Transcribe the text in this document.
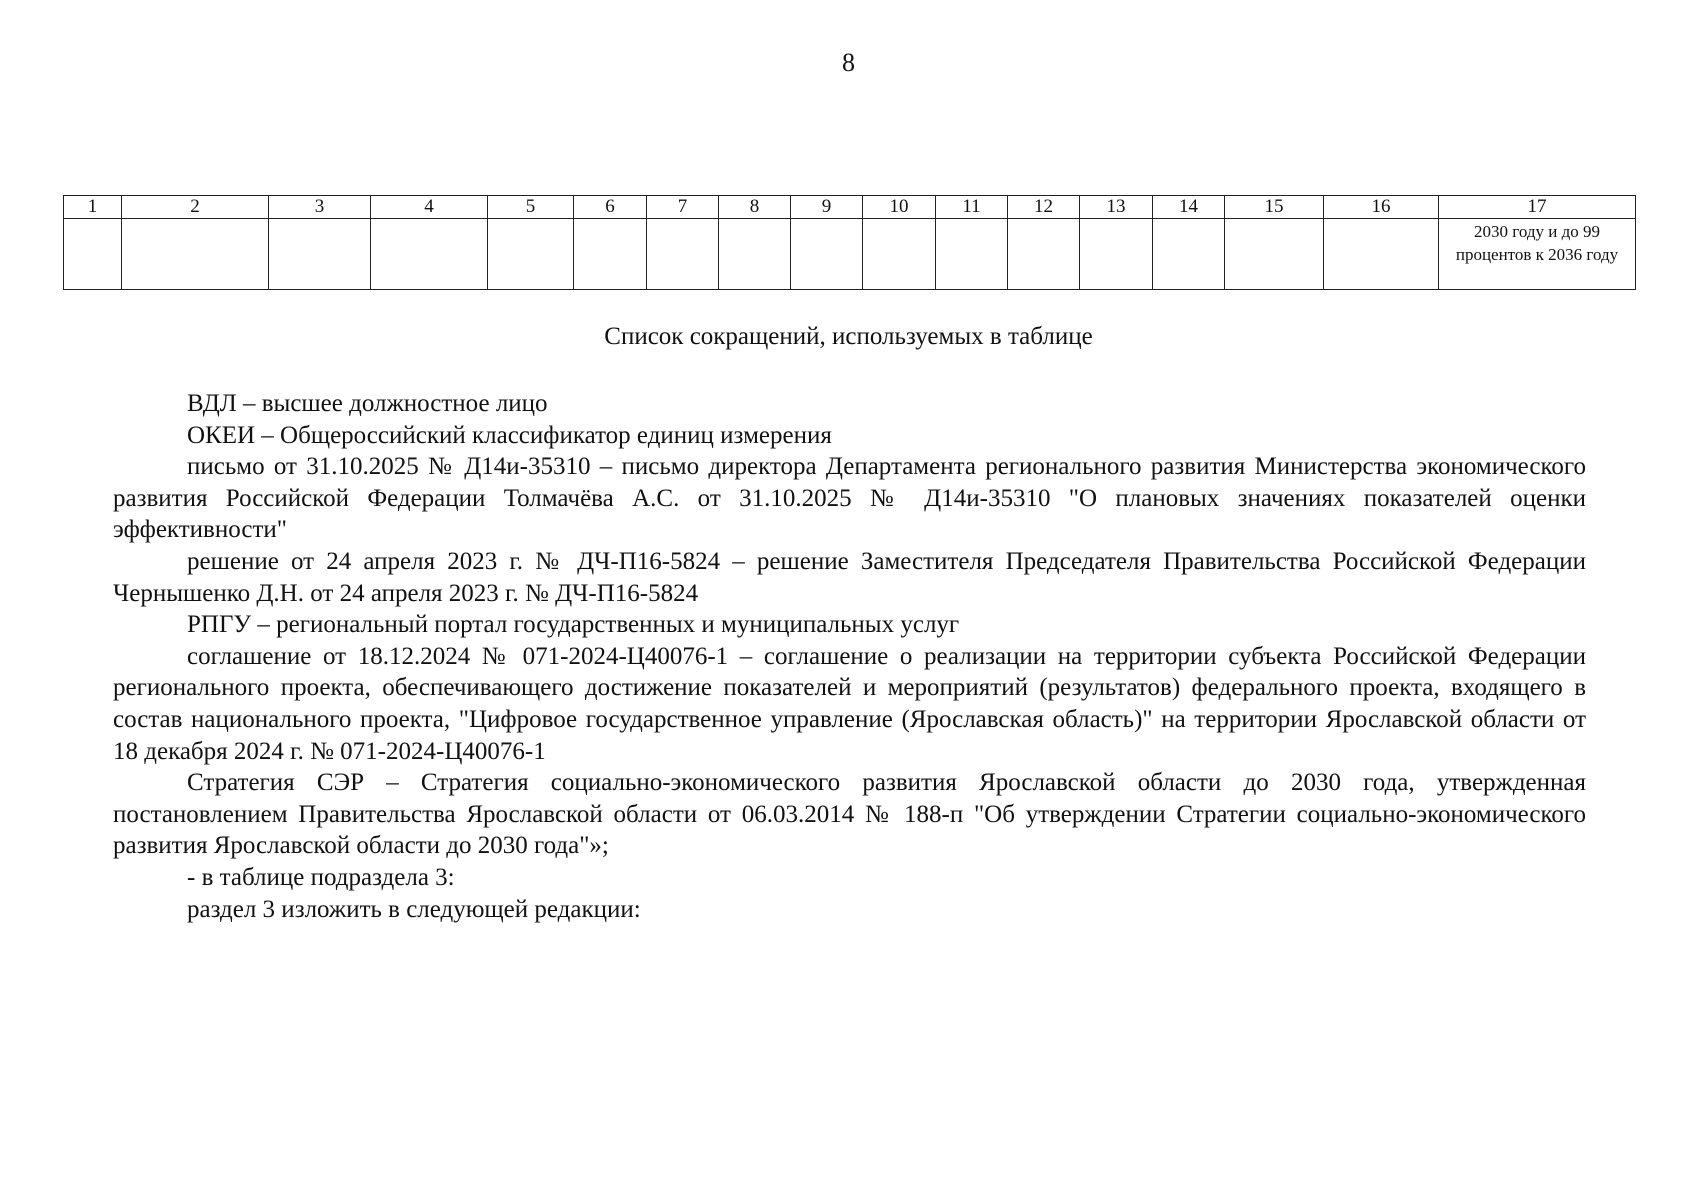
8
1	2	3	4	5	6	7	8	9	10	11	12	13	14	15	16	17

																2030 году и до 99 процентов к 2036 году
Список сокращений, используемых в таблице

ВДЛ – высшее должностное лицо

ОКЕИ – Общероссийский классификатор единиц измерения

письмо от 31.10.2025 № Д14и-35310 – письмо директора Департамента регионального развития Министерства экономического развития Российской Федерации Толмачёва А.С. от 31.10.2025 № Д14и-35310 "О плановых значениях показателей оценки эффективности"

решение от 24 апреля 2023 г. № ДЧ-П16-5824 – решение Заместителя Председателя Правительства Российской Федерации Чернышенко Д.Н. от 24 апреля 2023 г. № ДЧ-П16-5824

РПГУ – региональный портал государственных и муниципальных услуг

соглашение от 18.12.2024 № 071-2024-Ц40076-1 – соглашение о реализации на территории субъекта Российской Федерации регионального проекта, обеспечивающего достижение показателей и мероприятий (результатов) федерального проекта, входящего в состав национального проекта, "Цифровое государственное управление (Ярославская область)" на территории Ярославской области от 18 декабря 2024 г. № 071-2024-Ц40076-1

Стратегия СЭР – Стратегия социально-экономического развития Ярославской области до 2030 года, утвержденная постановлением Правительства Ярославской области от 06.03.2014 № 188-п "Об утверждении Стратегии социально-экономического развития Ярославской области до 2030 года"»;

- в таблице подраздела 3:

раздел 3 изложить в следующей редакции:
